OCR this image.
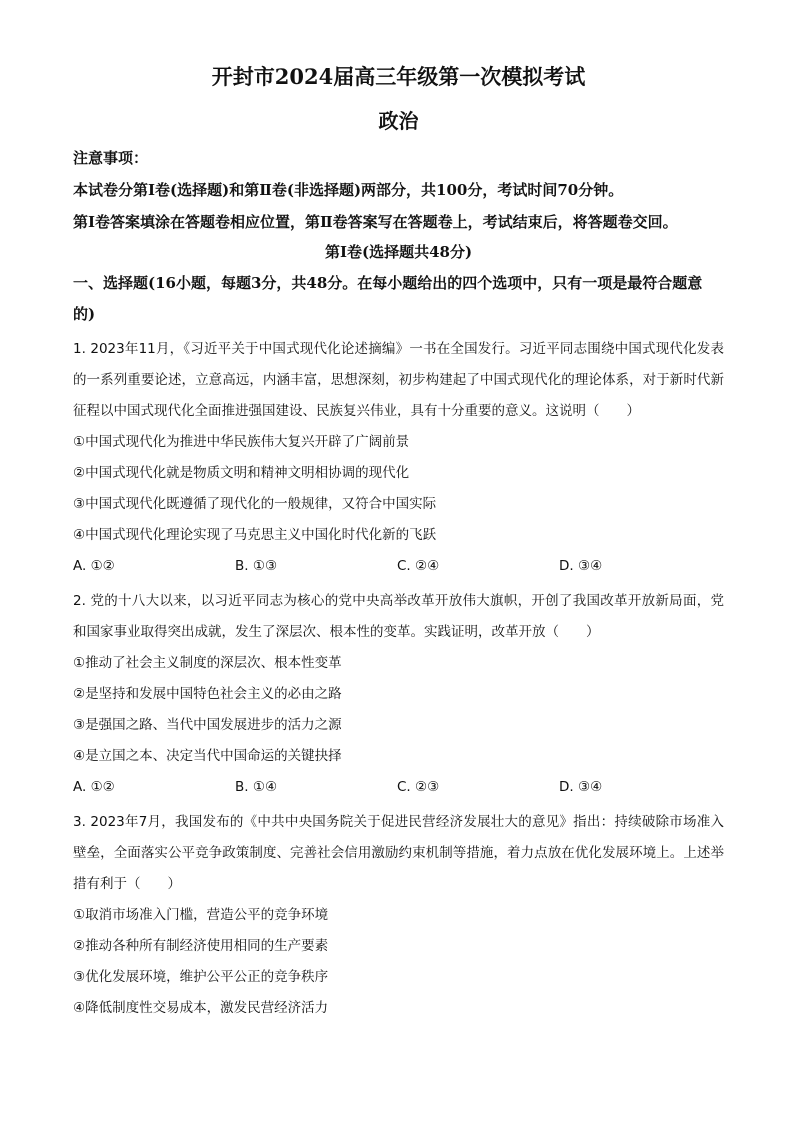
开封市2024届高三年级第一次模拟考试
政治
注意事项：
本试卷分第Ⅰ卷(选择题)和第Ⅱ卷(非选择题)两部分，共100分，考试时间70分钟。
第Ⅰ卷答案填涂在答题卷相应位置，第Ⅱ卷答案写在答题卷上，考试结束后，将答题卷交回。
第Ⅰ卷(选择题共48分)
一、选择题(16小题，每题3分，共48分。在每小题给出的四个选项中，只有一项是最符合题意的)
1. 2023年11月，《习近平关于中国式现代化论述摘编》一书在全国发行。习近平同志围绕中国式现代化发表的一系列重要论述，立意高远，内涵丰富，思想深刻，初步构建起了中国式现代化的理论体系，对于新时代新征程以中国式现代化全面推进强国建设、民族复兴伟业，具有十分重要的意义。这说明（　　）
①中国式现代化为推进中华民族伟大复兴开辟了广阔前景
②中国式现代化就是物质文明和精神文明相协调的现代化
③中国式现代化既遵循了现代化的一般规律，又符合中国实际
④中国式现代化理论实现了马克思主义中国化时代化新的飞跃
A. ①②	B. ①③	C. ②④	D. ③④
2. 党的十八大以来，以习近平同志为核心的党中央高举改革开放伟大旗帜，开创了我国改革开放新局面，党和国家事业取得突出成就，发生了深层次、根本性的变革。实践证明，改革开放（　　）
①推动了社会主义制度的深层次、根本性变革
②是坚持和发展中国特色社会主义的必由之路
③是强国之路、当代中国发展进步的活力之源
④是立国之本、决定当代中国命运的关键抉择
A. ①②	B. ①④	C. ②③	D. ③④
3. 2023年7月，我国发布的《中共中央国务院关于促进民营经济发展壮大的意见》指出：持续破除市场准入壁垒，全面落实公平竞争政策制度、完善社会信用激励约束机制等措施，着力点放在优化发展环境上。上述举措有利于（　　）
①取消市场准入门槛，营造公平的竞争环境
②推动各种所有制经济使用相同的生产要素
③优化发展环境，维护公平公正的竞争秩序
④降低制度性交易成本，激发民营经济活力
